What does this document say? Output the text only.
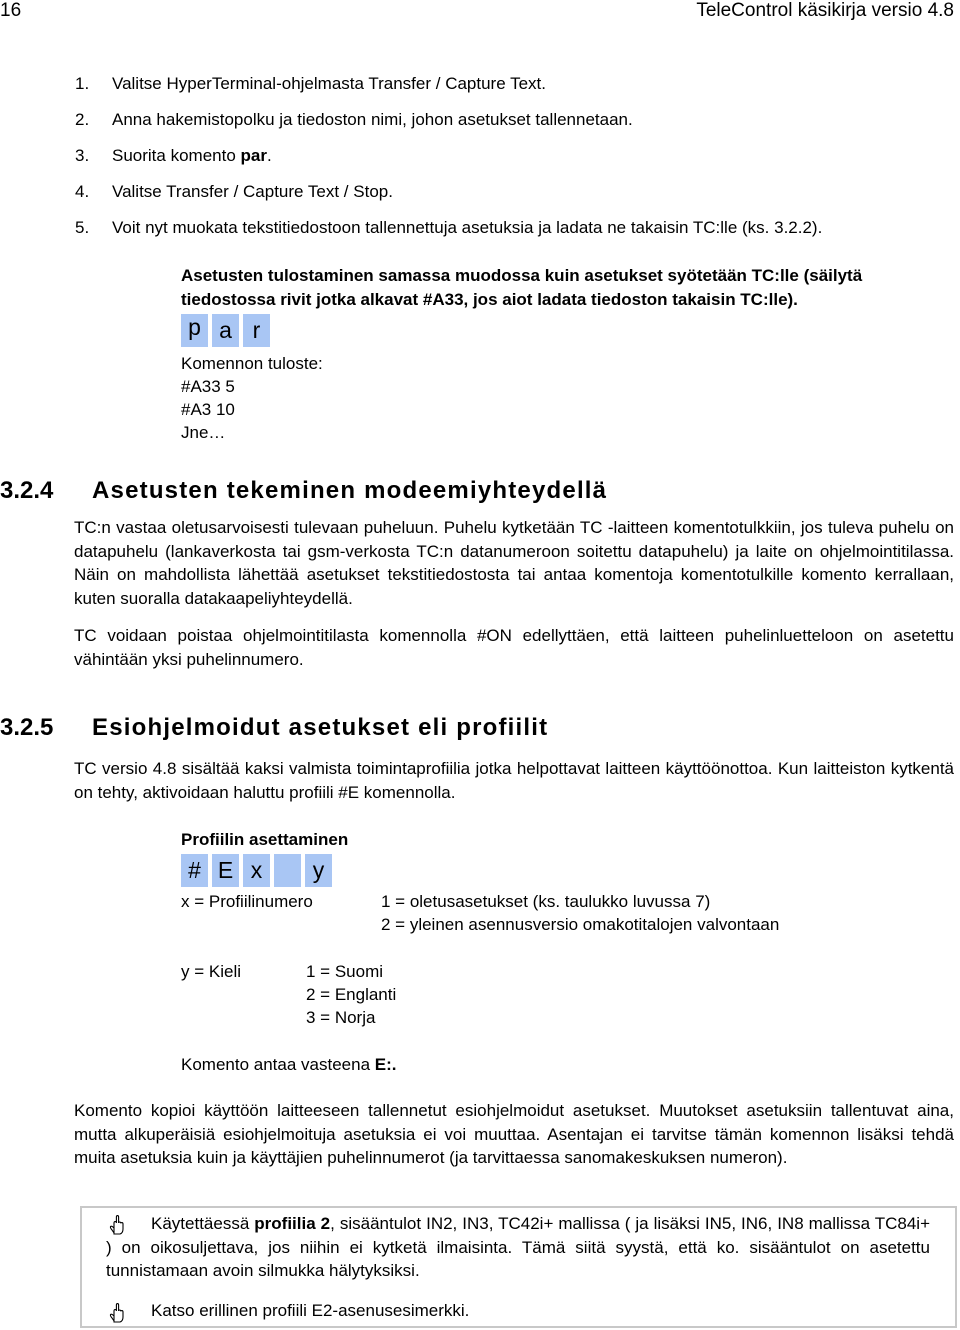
16	TeleControl käsikirja versio 4.8
1. Valitse HyperTerminal-ohjelmasta Transfer / Capture Text.
2. Anna hakemistopolku ja tiedoston nimi, johon asetukset tallennetaan.
3. Suorita komento par.
4. Valitse Transfer / Capture Text / Stop.
5. Voit nyt muokata tekstitiedostoon tallennettuja asetuksia ja ladata ne takaisin TC:lle (ks. 3.2.2).
Asetusten tulostaminen samassa muodossa kuin asetukset syötetään TC:lle (säilytä
tiedostossa rivit jotka alkavat #A33, jos aiot ladata tiedoston takaisin TC:lle).
p a r
Komennon tuloste:
#A33 5
#A3 10
Jne…
3.2.4 Asetusten tekeminen modeemiyhteydellä
TC:n vastaa oletusarvoisesti tulevaan puheluun. Puhelu kytketään TC -laitteen komentotulkkiin, jos tuleva puhelu on datapuhelu (lankaverkosta tai gsm-verkosta TC:n datanumeroon soitettu datapuhelu) ja laite on ohjelmointitilassa. Näin on mahdollista lähettää asetukset tekstitiedostosta tai antaa komentoja komentotulkille komento kerrallaan, kuten suoralla datakaapeliyhteydellä.
TC voidaan poistaa ohjelmointitilasta komennolla #ON edellyttäen, että laitteen puhelinluetteloon on asetettu vähintään yksi puhelinnumero.
3.2.5 Esiohjelmoidut asetukset eli profiilit
TC versio 4.8 sisältää kaksi valmista toimintaprofiilia jotka helpottavat laitteen käyttöönottoa. Kun laitteiston kytkentä on tehty, aktivoidaan haluttu profiili #E komennolla.
Profiilin asettaminen
# E x	y
x = Profiilinumero	1 = oletusasetukset (ks. taulukko luvussa 7)
2 = yleinen asennusversio omakotitalojen valvontaan
y = Kieli	1 = Suomi
2 = Englanti
3 = Norja
Komento antaa vasteena E:.
Komento kopioi käyttöön laitteeseen tallennetut esiohjelmoidut asetukset. Muutokset asetuksiin tallentuvat aina, mutta alkuperäisiä esiohjelmoituja asetuksia ei voi muuttaa. Asentajan ei tarvitse tämän komennon lisäksi tehdä muita asetuksia kuin ja käyttäjien puhelinnumerot (ja tarvittaessa sanomakeskuksen numeron).
Käytettäessä profiilia 2, sisääntulot IN2, IN3, TC42i+ mallissa ( ja lisäksi IN5, IN6, IN8 mallissa TC84i+ ) on oikosuljettava, jos niihin ei kytketä ilmaisinta. Tämä siitä syystä, että ko. sisääntulot on asetettu tunnistamaan avoin silmukka hälytyksiksi.
Katso erillinen profiili E2-asenusesimerkki.
